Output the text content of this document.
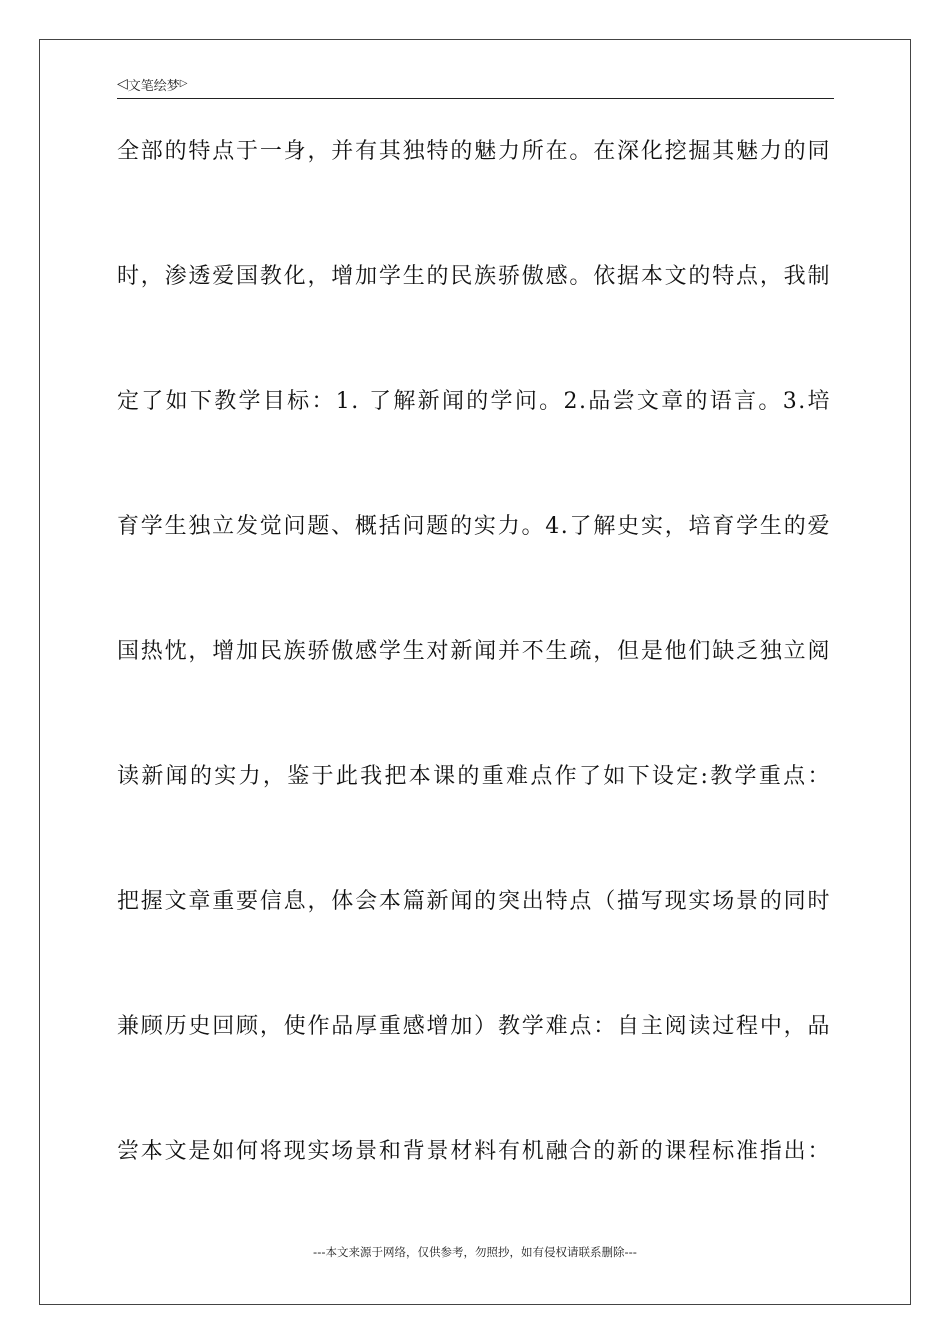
◁文笔绘梦▷
全部的特点于一身，并有其独特的魅力所在。在深化挖掘其魅力的同
时，渗透爱国教化，增加学生的民族骄傲感。依据本文的特点，我制
定了如下教学目标：1. 了解新闻的学问。2.品尝文章的语言。3.培
育学生独立发觉问题、概括问题的实力。4.了解史实，培育学生的爱
国热忱，增加民族骄傲感学生对新闻并不生疏，但是他们缺乏独立阅
读新闻的实力，鉴于此我把本课的重难点作了如下设定:教学重点：
把握文章重要信息，体会本篇新闻的突出特点（描写现实场景的同时
兼顾历史回顾，使作品厚重感增加）教学难点：自主阅读过程中，品
尝本文是如何将现实场景和背景材料有机融合的新的课程标准指出：
---本文来源于网络，仅供参考，勿照抄，如有侵权请联系删除---
